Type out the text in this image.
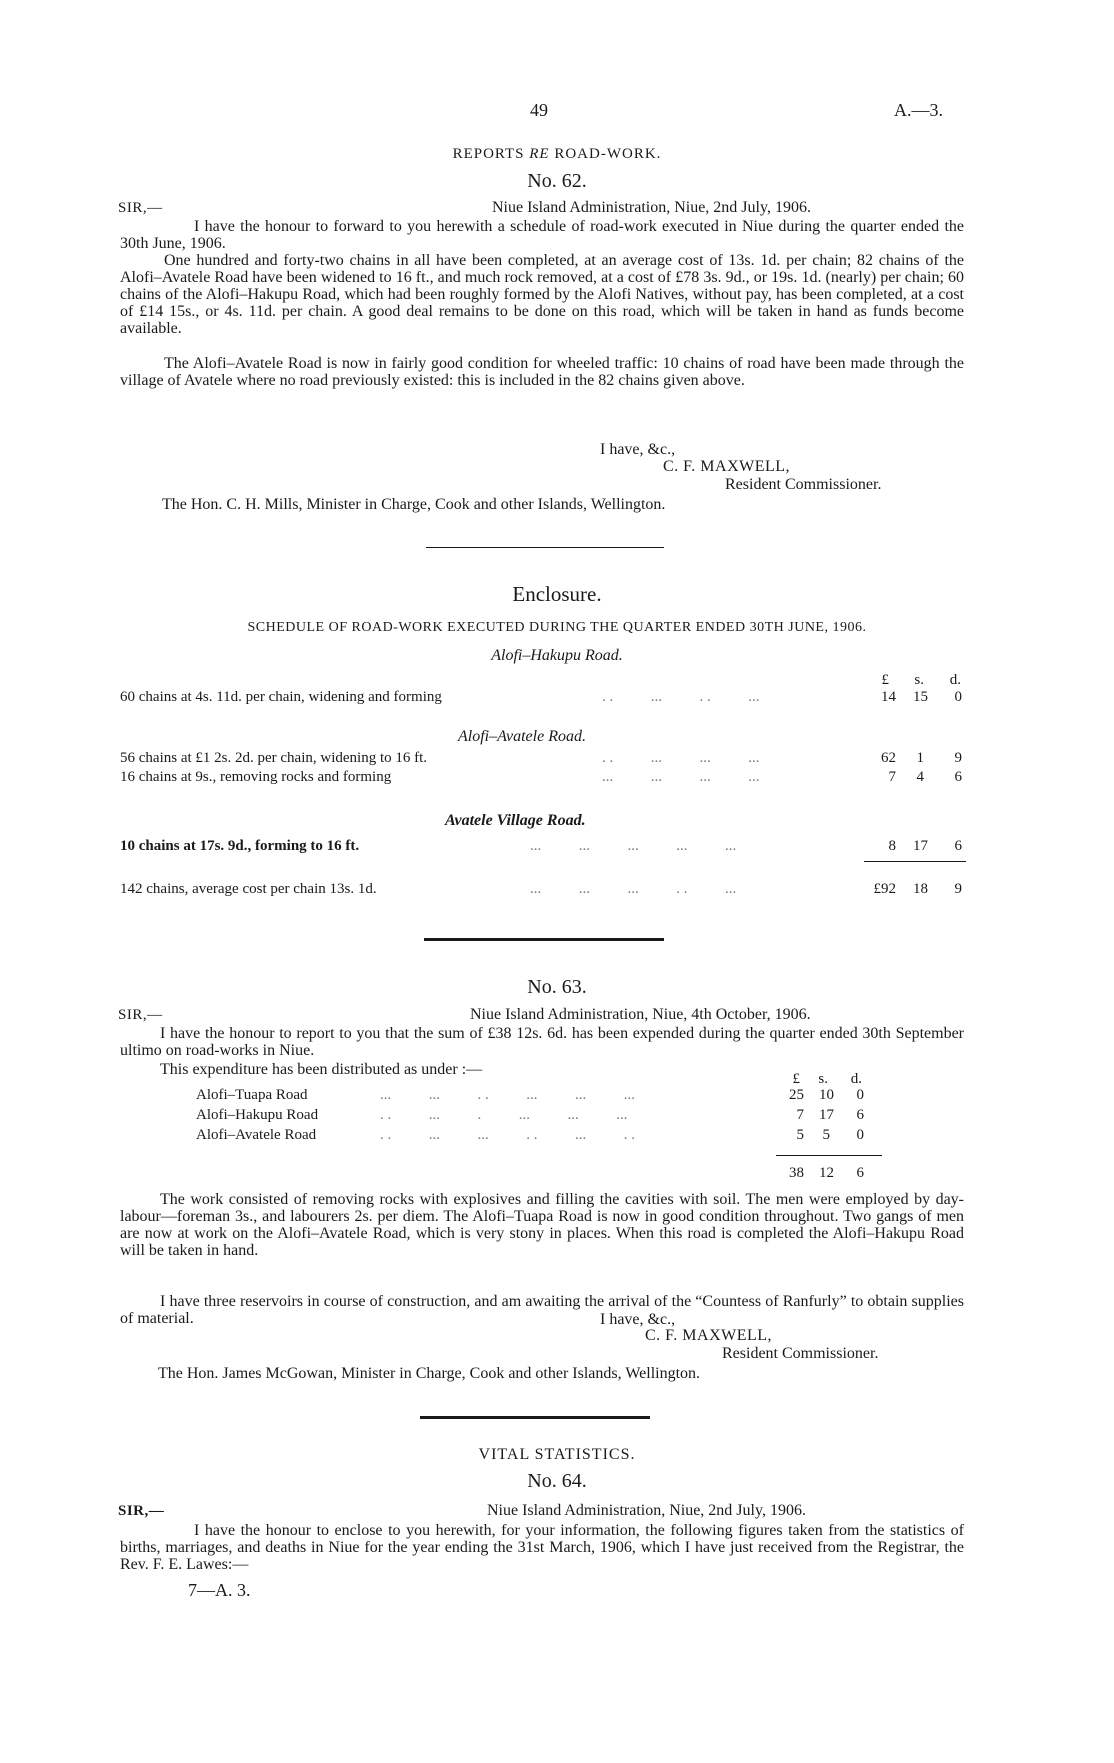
49	A.—3.
REPORTS RE ROAD-WORK.
No. 62.
SIR,—	Niue Island Administration, Niue, 2nd July, 1906.
I have the honour to forward to you herewith a schedule of road-work executed in Niue during the quarter ended the 30th June, 1906.
One hundred and forty-two chains in all have been completed, at an average cost of 13s. 1d. per chain; 82 chains of the Alofi–Avatele Road have been widened to 16 ft., and much rock removed, at a cost of £78 3s. 9d., or 19s. 1d. (nearly) per chain; 60 chains of the Alofi–Hakupu Road, which had been roughly formed by the Alofi Natives, without pay, has been completed, at a cost of £14 15s., or 4s. 11d. per chain. A good deal remains to be done on this road, which will be taken in hand as funds become available.
The Alofi–Avatele Road is now in fairly good condition for wheeled traffic: 10 chains of road have been made through the village of Avatele where no road previously existed: this is included in the 82 chains given above.
I have, &c.,
C. F. MAXWELL,
Resident Commissioner.
The Hon. C. H. Mills, Minister in Charge, Cook and other Islands, Wellington.
Enclosure.
SCHEDULE OF ROAD-WORK EXECUTED DURING THE QUARTER ENDED 30TH JUNE, 1906.
Alofi–Hakupu Road.
£ s. d.
60 chains at 4s. 11d. per chain, widening and forming	. .          ...          . .          ...	14 15 0
Alofi–Avatele Road.
56 chains at £1 2s. 2d. per chain, widening to 16 ft.	. .          ...          ...          ...	62 1 9
16 chains at 9s., removing rocks and forming	...          ...          ...          ...	7 4 6
Avatele Village Road.
10 chains at 17s. 9d., forming to 16 ft.	...          ...          ...          ...          ...	8 17 6
142 chains, average cost per chain 13s. 1d.	...          ...          ...          . .          ...	£92 18 9
No. 63.
SIR,—	Niue Island Administration, Niue, 4th October, 1906.
I have the honour to report to you that the sum of £38 12s. 6d. has been expended during the quarter ended 30th September ultimo on road-works in Niue.
This expenditure has been distributed as under :—
£ s. d.
Alofi–Tuapa Road	...          ...          . .          ...          ...          ...	25 10 0
Alofi–Hakupu Road	. .          ...          .          ...          ...          ...	7 17 6
Alofi–Avatele Road	. .          ...          ...          . .          ...          . .	5 5 0
38 12 6
The work consisted of removing rocks with explosives and filling the cavities with soil. The men were employed by day-labour—foreman 3s., and labourers 2s. per diem. The Alofi–Tuapa Road is now in good condition throughout. Two gangs of men are now at work on the Alofi–Avatele Road, which is very stony in places. When this road is completed the Alofi–Hakupu Road will be taken in hand.
I have three reservoirs in course of construction, and am awaiting the arrival of the “Countess of Ranfurly” to obtain supplies of material.	I have, &c.,
C. F. MAXWELL,
Resident Commissioner.
The Hon. James McGowan, Minister in Charge, Cook and other Islands, Wellington.
VITAL STATISTICS.
No. 64.
SIR,—	Niue Island Administration, Niue, 2nd July, 1906.
I have the honour to enclose to you herewith, for your information, the following figures taken from the statistics of births, marriages, and deaths in Niue for the year ending the 31st March, 1906, which I have just received from the Registrar, the Rev. F. E. Lawes:—
7—A. 3.
